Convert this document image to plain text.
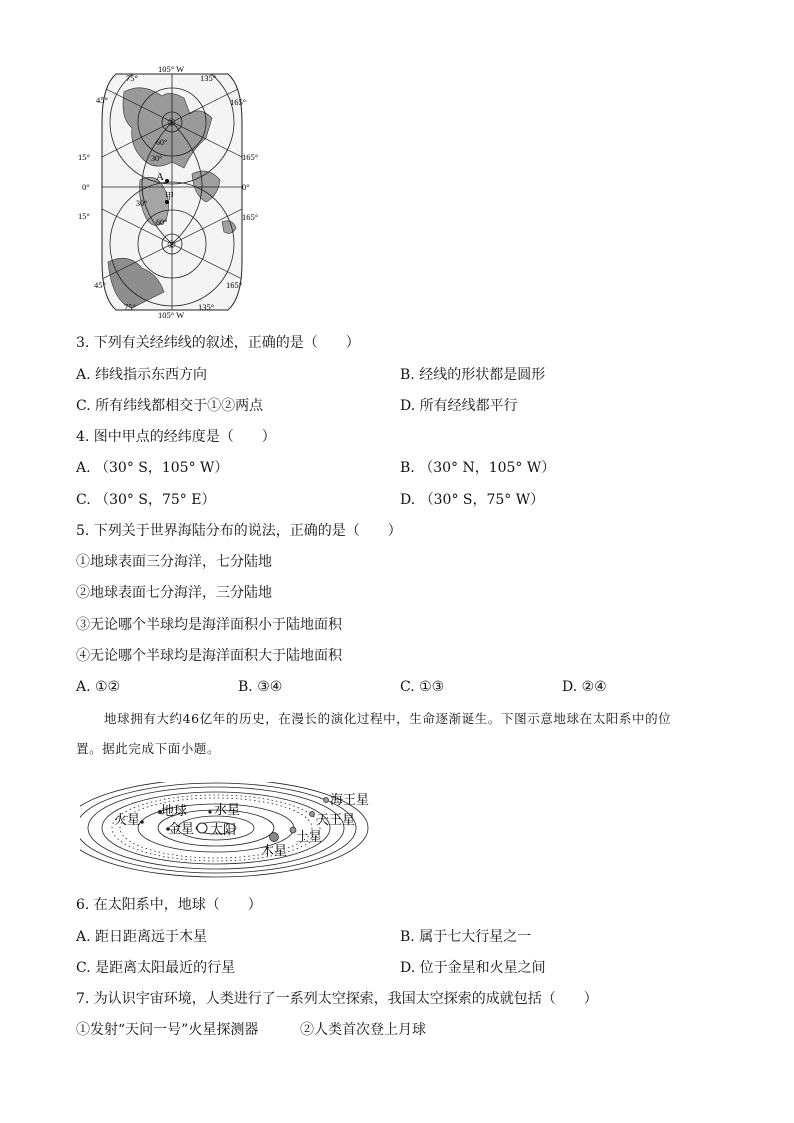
A
甲
①
②
60°
30°
30°
60°
105° W
105° W
75°
45°
15°
0°
15°
45°
75°
135°
165°
165°
0°
165°
165°
135°
3. 下列有关经纬线的叙述，正确的是（　　）
A. 纬线指示东西方向	B. 经线的形状都是圆形
C. 所有纬线都相交于①②两点	D. 所有经线都平行
4. 图中甲点的经纬度是（　　）
A. （30° S，105° W）	B. （30° N，105° W）
C. （30° S，75° E）	D. （30° S，75° W）
5. 下列关于世界海陆分布的说法，正确的是（　　）
①地球表面三分海洋，七分陆地
②地球表面七分海洋，三分陆地
③无论哪个半球均是海洋面积小于陆地面积
④无论哪个半球均是海洋面积大于陆地面积
A. ①②	B. ③④	C. ①③	D. ②④
地球拥有大约46亿年的历史，在漫长的演化过程中，生命逐渐诞生。下图示意地球在太阳系中的位
置。据此完成下面小题。
太阳
水星
金星
地球
火星
木星
土星
天王星
海王星
6. 在太阳系中，地球（　　）
A. 距日距离远于木星	B. 属于七大行星之一
C. 是距离太阳最近的行星	D. 位于金星和火星之间
7. 为认识宇宙环境，人类进行了一系列太空探索，我国太空探索的成就包括（　　）
①发射“天问一号”火星探测器	②人类首次登上月球
